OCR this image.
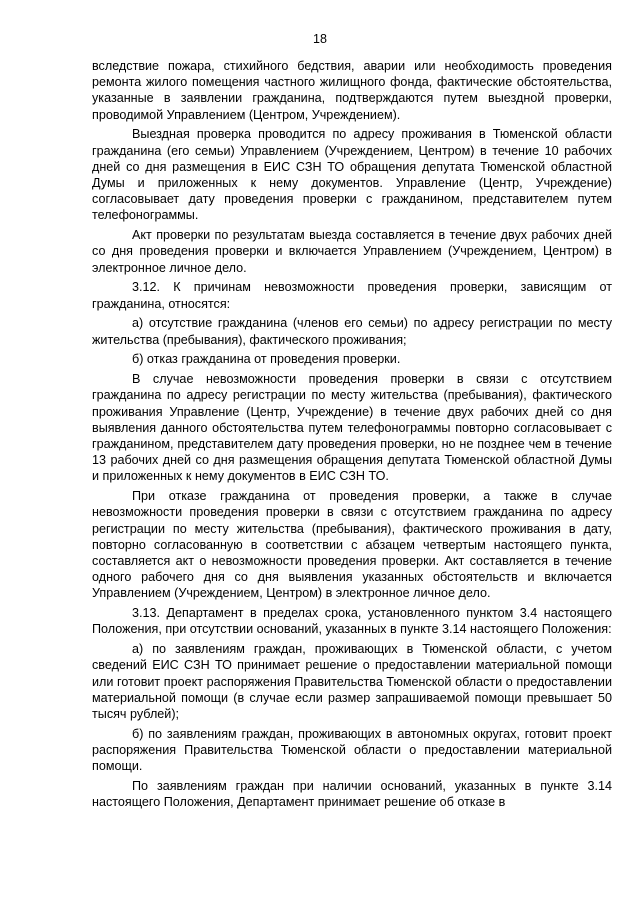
18

вследствие пожара, стихийного бедствия, аварии или необходимость проведения ремонта жилого помещения частного жилищного фонда, фактические обстоятельства, указанные в заявлении гражданина, подтверждаются путем выездной проверки, проводимой Управлением (Центром, Учреждением).

Выездная проверка проводится по адресу проживания в Тюменской области гражданина (его семьи) Управлением (Учреждением, Центром) в течение 10 рабочих дней со дня размещения в ЕИС СЗН ТО обращения депутата Тюменской областной Думы и приложенных к нему документов. Управление (Центр, Учреждение) согласовывает дату проведения проверки с гражданином, представителем путем телефонограммы.

Акт проверки по результатам выезда составляется в течение двух рабочих дней со дня проведения проверки и включается Управлением (Учреждением, Центром) в электронное личное дело.

3.12. К причинам невозможности проведения проверки, зависящим от гражданина, относятся:

а) отсутствие гражданина (членов его семьи) по адресу регистрации по месту жительства (пребывания), фактического проживания;

б) отказ гражданина от проведения проверки.

В случае невозможности проведения проверки в связи с отсутствием гражданина по адресу регистрации по месту жительства (пребывания), фактического проживания Управление (Центр, Учреждение) в течение двух рабочих дней со дня выявления данного обстоятельства путем телефонограммы повторно согласовывает с гражданином, представителем дату проведения проверки, но не позднее чем в течение 13 рабочих дней со дня размещения обращения депутата Тюменской областной Думы и приложенных к нему документов в ЕИС СЗН ТО.

При отказе гражданина от проведения проверки, а также в случае невозможности проведения проверки в связи с отсутствием гражданина по адресу регистрации по месту жительства (пребывания), фактического проживания в дату, повторно согласованную в соответствии с абзацем четвертым настоящего пункта, составляется акт о невозможности проведения проверки. Акт составляется в течение одного рабочего дня со дня выявления указанных обстоятельств и включается Управлением (Учреждением, Центром) в электронное личное дело.

3.13. Департамент в пределах срока, установленного пунктом 3.4 настоящего Положения, при отсутствии оснований, указанных в пункте 3.14 настоящего Положения:

а) по заявлениям граждан, проживающих в Тюменской области, с учетом сведений ЕИС СЗН ТО принимает решение о предоставлении материальной помощи или готовит проект распоряжения Правительства Тюменской области о предоставлении материальной помощи (в случае если размер запрашиваемой помощи превышает 50 тысяч рублей);

б) по заявлениям граждан, проживающих в автономных округах, готовит проект распоряжения Правительства Тюменской области о предоставлении материальной помощи.

По заявлениям граждан при наличии оснований, указанных в пункте 3.14 настоящего Положения, Департамент принимает решение об отказе в
